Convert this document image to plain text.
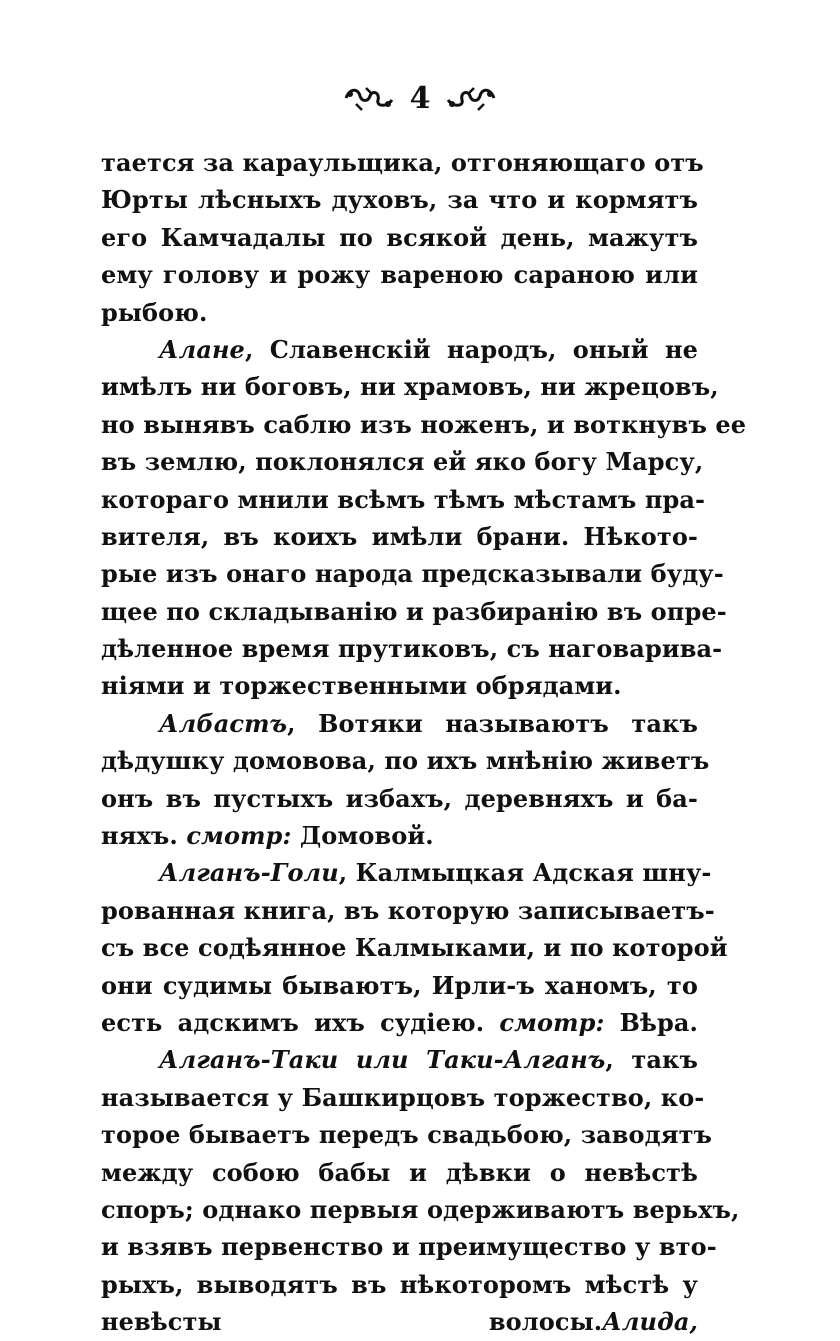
4
тается за караульщика, отгоняющаго отъ
Юрты лѣсныхъ духовъ, за что и кормятъ
его Камчадалы по всякой день, мажутъ
ему голову и рожу вареною сараною или
рыбою.
Алане, Славенскій народъ, оный не
имѣлъ ни боговъ, ни храмовъ, ни жрецовъ,
но вынявъ саблю изъ ноженъ, и воткнувъ ее
въ землю, поклонялся ей яко богу Марсу,
котораго мнили всѣмъ тѣмъ мѣстамъ пра-
вителя, въ коихъ имѣли брани. Нѣкото-
рые изъ онаго народа предсказывали буду-
щее по складыванію и разбиранію въ опре-
дѣленное время прутиковъ, съ наговарива-
ніями и торжественными обрядами.
Албастъ, Вотяки называютъ такъ
дѣдушку домовова, по ихъ мнѣнію живетъ
онъ въ пустыхъ избахъ, деревняхъ и ба-
няхъ. смотр: Домовой.
Алганъ-Голи, Калмыцкая Адская шну-
рованная книга, въ которую записываетъ-
съ все содѣянное Калмыками, и по которой
они судимы бываютъ, Ирли-ъ ханомъ, то
есть адскимъ ихъ судіею. смотр: Вѣра.
Алганъ-Таки или Таки-Алганъ, такъ
называется у Башкирцовъ торжество, ко-
торое бываетъ передъ свадьбою, заводятъ
между собою бабы и дѣвки о невѣстѣ
споръ; однако первыя одерживаютъ верьхъ,
и взявъ первенство и преимущество у вто-
рыхъ, выводятъ въ нѣкоторомъ мѣстѣ у
невѣсты волосы.Алида,
